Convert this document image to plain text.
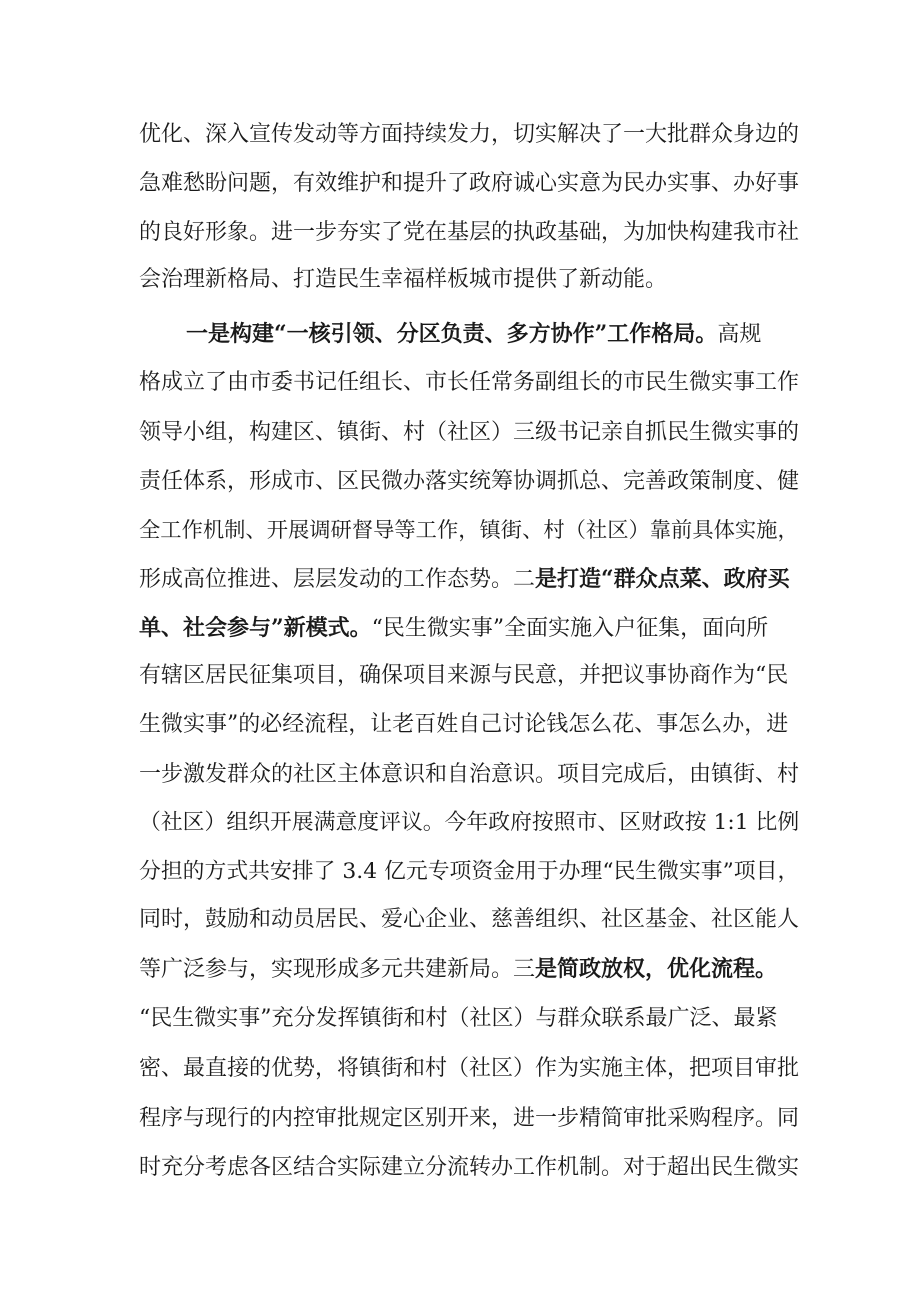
优化、深入宣传发动等方面持续发力，切实解决了一大批群众身边的
急难愁盼问题，有效维护和提升了政府诚心实意为民办实事、办好事
的良好形象。进一步夯实了党在基层的执政基础，为加快构建我市社
会治理新格局、打造民生幸福样板城市提供了新动能。
一是构建“一核引领、分区负责、多方协作”工作格局。高规
格成立了由市委书记任组长、市长任常务副组长的市民生微实事工作
领导小组，构建区、镇街、村（社区）三级书记亲自抓民生微实事的
责任体系，形成市、区民微办落实统筹协调抓总、完善政策制度、健
全工作机制、开展调研督导等工作，镇街、村（社区）靠前具体实施，
形成高位推进、层层发动的工作态势。二是打造“群众点菜、政府买
单、社会参与”新模式。“民生微实事”全面实施入户征集，面向所
有辖区居民征集项目，确保项目来源与民意，并把议事协商作为“民
生微实事”的必经流程，让老百姓自己讨论钱怎么花、事怎么办，进
一步激发群众的社区主体意识和自治意识。项目完成后，由镇街、村
（社区）组织开展满意度评议。今年政府按照市、区财政按 1:1 比例
分担的方式共安排了 3.4 亿元专项资金用于办理“民生微实事”项目，
同时，鼓励和动员居民、爱心企业、慈善组织、社区基金、社区能人
等广泛参与，实现形成多元共建新局。三是简政放权，优化流程。
“民生微实事”充分发挥镇街和村（社区）与群众联系最广泛、最紧
密、最直接的优势，将镇街和村（社区）作为实施主体，把项目审批
程序与现行的内控审批规定区别开来，进一步精简审批采购程序。同
时充分考虑各区结合实际建立分流转办工作机制。对于超出民生微实
